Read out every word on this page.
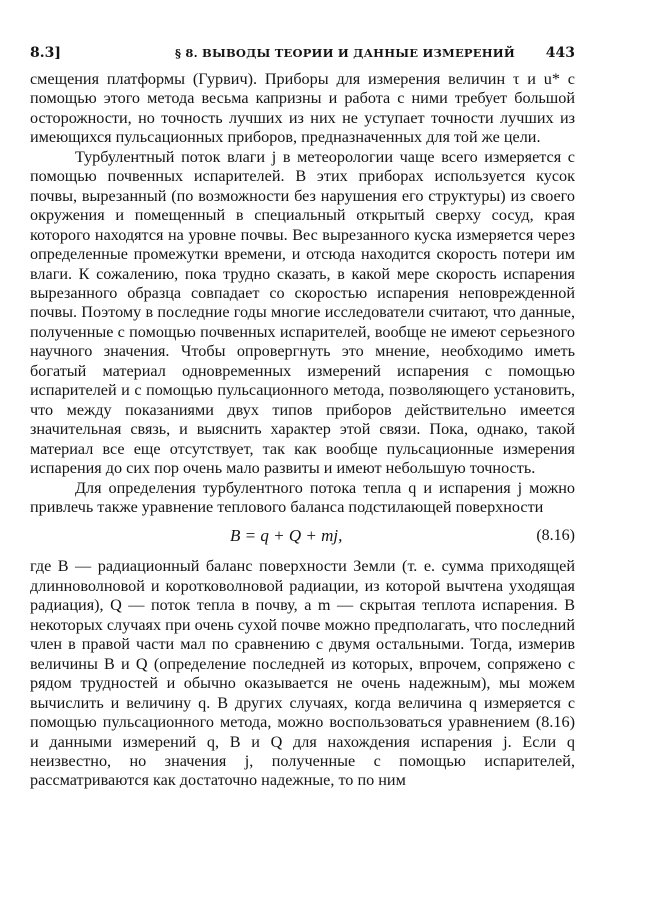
8.3]	§ 8. ВЫВОДЫ ТЕОРИИ И ДАННЫЕ ИЗМЕРЕНИЙ 443

смещения платформы (Гурвич). Приборы для измерения величин τ и u* с помощью этого метода весьма капризны и работа с ними требует большой осторожности, но точность лучших из них не уступает точности лучших из имеющихся пульсационных приборов, предназначенных для той же цели.

Турбулентный поток влаги j в метеорологии чаще всего измеряется с помощью почвенных испарителей. В этих приборах используется кусок почвы, вырезанный (по возможности без нарушения его структуры) из своего окружения и помещенный в специальный открытый сверху сосуд, края которого находятся на уровне почвы. Вес вырезанного куска измеряется через определенные промежутки времени, и отсюда находится скорость потери им влаги. К сожалению, пока трудно сказать, в какой мере скорость испарения вырезанного образца совпадает со скоростью испарения неповрежденной почвы. Поэтому в последние годы многие исследователи считают, что данные, полученные с помощью почвенных испарителей, вообще не имеют серьезного научного значения. Чтобы опровергнуть это мнение, необходимо иметь богатый материал одновременных измерений испарения с помощью испарителей и с помощью пульсационного метода, позволяющего установить, что между показаниями двух типов приборов действительно имеется значительная связь, и выяснить характер этой связи. Пока, однако, такой материал все еще отсутствует, так как вообще пульсационные измерения испарения до сих пор очень мало развиты и имеют небольшую точность.

Для определения турбулентного потока тепла q и испарения j можно привлечь также уравнение теплового баланса подстилающей поверхности

B = q + Q + mj,	(8.16)

где B — радиационный баланс поверхности Земли (т. е. сумма приходящей длинноволновой и коротковолновой радиации, из которой вычтена уходящая радиация), Q — поток тепла в почву, а m — скрытая теплота испарения. В некоторых случаях при очень сухой почве можно предполагать, что последний член в правой части мал по сравнению с двумя остальными. Тогда, измерив величины B и Q (определение последней из которых, впрочем, сопряжено с рядом трудностей и обычно оказывается не очень надежным), мы можем вычислить и величину q. В других случаях, когда величина q измеряется с помощью пульсационного метода, можно воспользоваться уравнением (8.16) и данными измерений q, B и Q для нахождения испарения j. Если q неизвестно, но значения j, полученные с помощью испарителей, рассматриваются как достаточно надежные, то по ним
